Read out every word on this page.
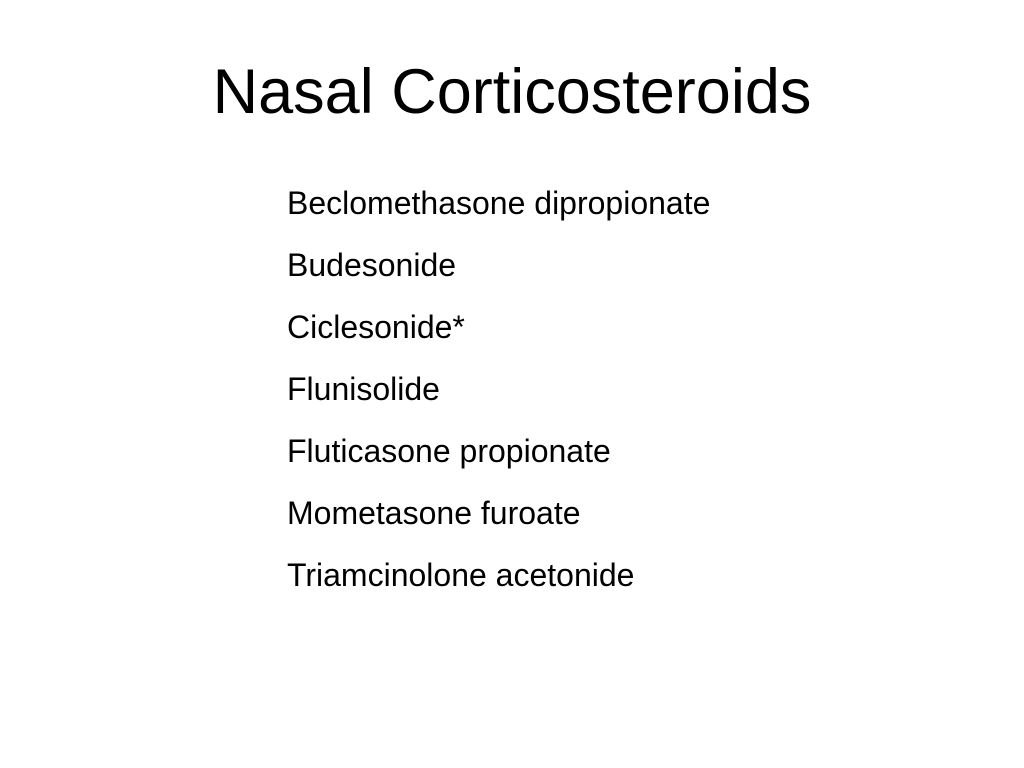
Nasal Corticosteroids
Beclomethasone dipropionate
Budesonide
Ciclesonide*
Flunisolide
Fluticasone propionate
Mometasone furoate
Triamcinolone acetonide
